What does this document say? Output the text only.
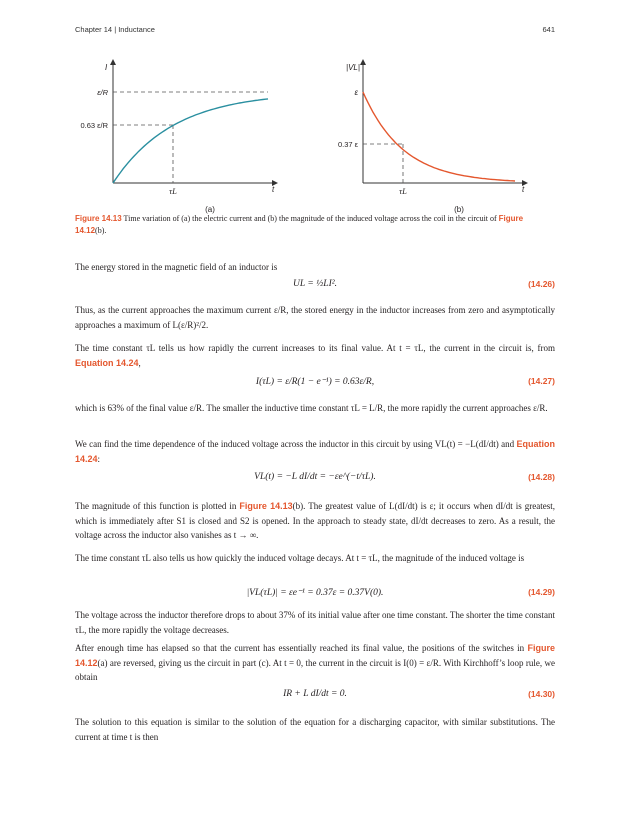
Chapter 14 | Inductance	641
I
ε/R
0.63 ε/R
τL	t
(a)
|VL|
ε
0.37 ε
τL	t
(b)
Figure 14.13 Time variation of (a) the electric current and (b) the magnitude of the induced voltage across the coil in the circuit of Figure 14.12(b).
The energy stored in the magnetic field of an inductor is
UL = ½LI².	(14.26)
Thus, as the current approaches the maximum current ε/R, the stored energy in the inductor increases from zero and asymptotically approaches a maximum of L(ε/R)²/2.
The time constant τL tells us how rapidly the current increases to its final value. At t = τL, the current in the circuit is, from Equation 14.24,
I(τL) = ε/R(1 − e⁻¹) = 0.63ε/R,	(14.27)
which is 63% of the final value ε/R. The smaller the inductive time constant τL = L/R, the more rapidly the current approaches ε/R.
We can find the time dependence of the induced voltage across the inductor in this circuit by using VL(t) = −L(dI/dt) and Equation 14.24:
VL(t) = −L dI/dt = −εe^(−t/τL).	(14.28)
The magnitude of this function is plotted in Figure 14.13(b). The greatest value of L(dI/dt) is ε; it occurs when dI/dt is greatest, which is immediately after S1 is closed and S2 is opened. In the approach to steady state, dI/dt decreases to zero. As a result, the voltage across the inductor also vanishes as t → ∞.
The time constant τL also tells us how quickly the induced voltage decays. At t = τL, the magnitude of the induced voltage is
|VL(τL)| = εe⁻¹ = 0.37ε = 0.37V(0).	(14.29)
The voltage across the inductor therefore drops to about 37% of its initial value after one time constant. The shorter the time constant τL, the more rapidly the voltage decreases.
After enough time has elapsed so that the current has essentially reached its final value, the positions of the switches in Figure 14.12(a) are reversed, giving us the circuit in part (c). At t = 0, the current in the circuit is I(0) = ε/R. With Kirchhoff’s loop rule, we obtain
IR + L dI/dt = 0.	(14.30)
The solution to this equation is similar to the solution of the equation for a discharging capacitor, with similar substitutions. The current at time t is then
